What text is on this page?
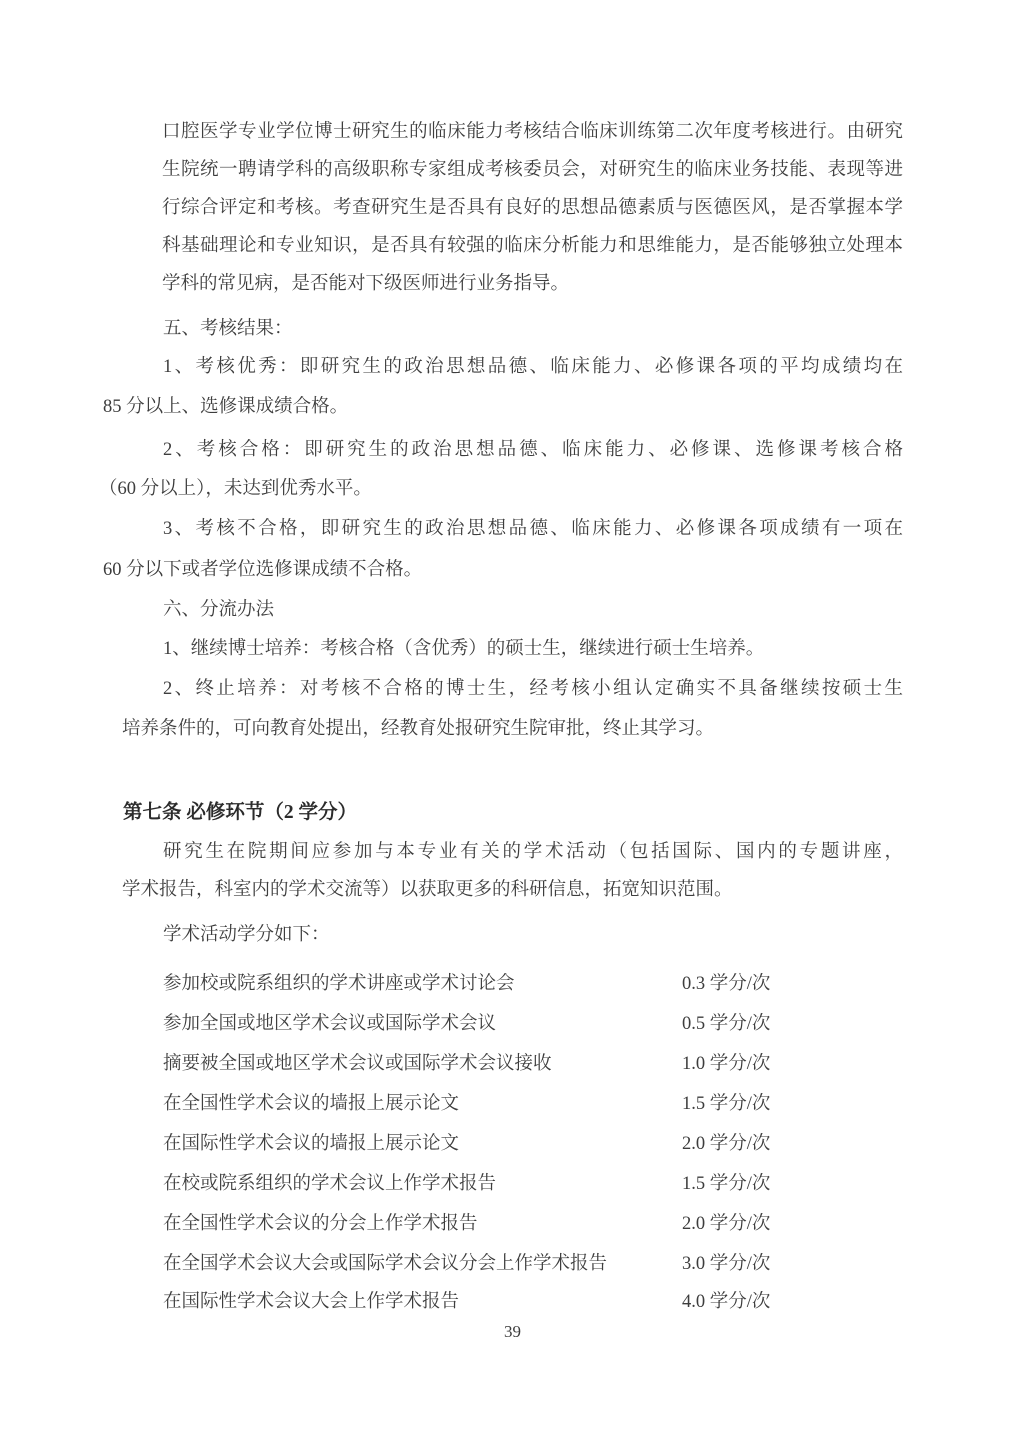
口腔医学专业学位博士研究生的临床能力考核结合临床训练第二次年度考核进行。由研究
生院统一聘请学科的高级职称专家组成考核委员会，对研究生的临床业务技能、表现等进
行综合评定和考核。考查研究生是否具有良好的思想品德素质与医德医风，是否掌握本学
科基础理论和专业知识，是否具有较强的临床分析能力和思维能力，是否能够独立处理本
学科的常见病，是否能对下级医师进行业务指导。
五、考核结果：
1、考核优秀：即研究生的政治思想品德、临床能力、必修课各项的平均成绩均在
85 分以上、选修课成绩合格。
2、考核合格：即研究生的政治思想品德、临床能力、必修课、选修课考核合格
（60 分以上），未达到优秀水平。
3、考核不合格，即研究生的政治思想品德、临床能力、必修课各项成绩有一项在
60 分以下或者学位选修课成绩不合格。
六、分流办法
1、继续博士培养：考核合格（含优秀）的硕士生，继续进行硕士生培养。
2、终止培养：对考核不合格的博士生，经考核小组认定确实不具备继续按硕士生
培养条件的，可向教育处提出，经教育处报研究生院审批，终止其学习。
第七条 必修环节（2 学分）
研究生在院期间应参加与本专业有关的学术活动（包括国际、国内的专题讲座，
学术报告，科室内的学术交流等）以获取更多的科研信息，拓宽知识范围。
学术活动学分如下：
参加校或院系组织的学术讲座或学术讨论会	0.3 学分/次
参加全国或地区学术会议或国际学术会议	0.5 学分/次
摘要被全国或地区学术会议或国际学术会议接收	1.0 学分/次
在全国性学术会议的墙报上展示论文	1.5 学分/次
在国际性学术会议的墙报上展示论文	2.0 学分/次
在校或院系组织的学术会议上作学术报告	1.5 学分/次
在全国性学术会议的分会上作学术报告	2.0 学分/次
在全国学术会议大会或国际学术会议分会上作学术报告	3.0 学分/次
在国际性学术会议大会上作学术报告	4.0 学分/次
39
